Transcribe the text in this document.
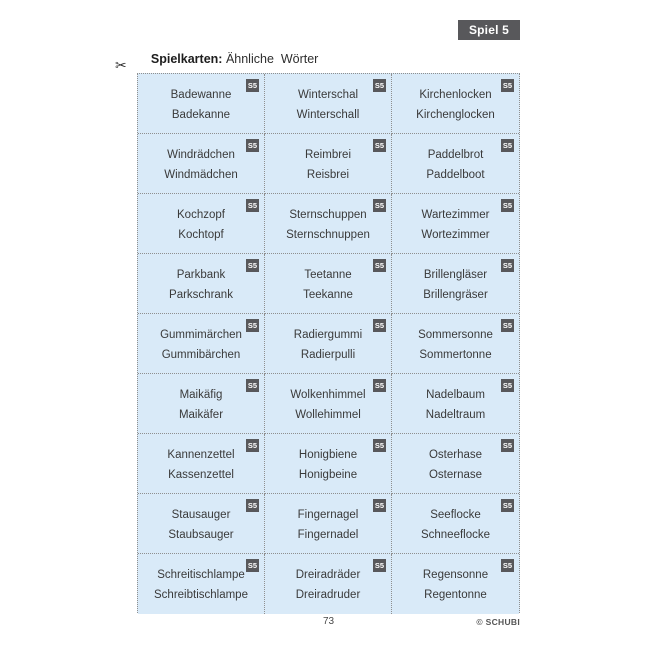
Spiel 5

Spielkarten: Ähnliche  Wörter

✂
S5
Badewanne
Badekanne
S5
Winterschal
Winterschall
S5
Kirchenlocken
Kirchenglocken
S5
Windrädchen
Windmädchen
S5
Reimbrei
Reisbrei
S5
Paddelbrot
Paddelboot
S5
Kochzopf
Kochtopf
S5
Sternschuppen
Sternschnuppen
S5
Wartezimmer
Wortezimmer
S5
Parkbank
Parkschrank
S5
Teetanne
Teekanne
S5
Brillengläser
Brillengräser
S5
Gummimärchen
Gummibärchen
S5
Radiergummi
Radierpulli
S5
Sommersonne
Sommertonne
S5
Maikäfig
Maikäfer
S5
Wolkenhimmel
Wollehimmel
S5
Nadelbaum
Nadeltraum
S5
Kannenzettel
Kassenzettel
S5
Honigbiene
Honigbeine
S5
Osterhase
Osternase
S5
Stausauger
Staubsauger
S5
Fingernagel
Fingernadel
S5
Seeflocke
Schneeflocke
S5
Schreitischlampe
Schreibtischlampe
S5
Dreiradräder
Dreiradruder
S5
Regensonne
Regentonne
73	© SCHUBI
